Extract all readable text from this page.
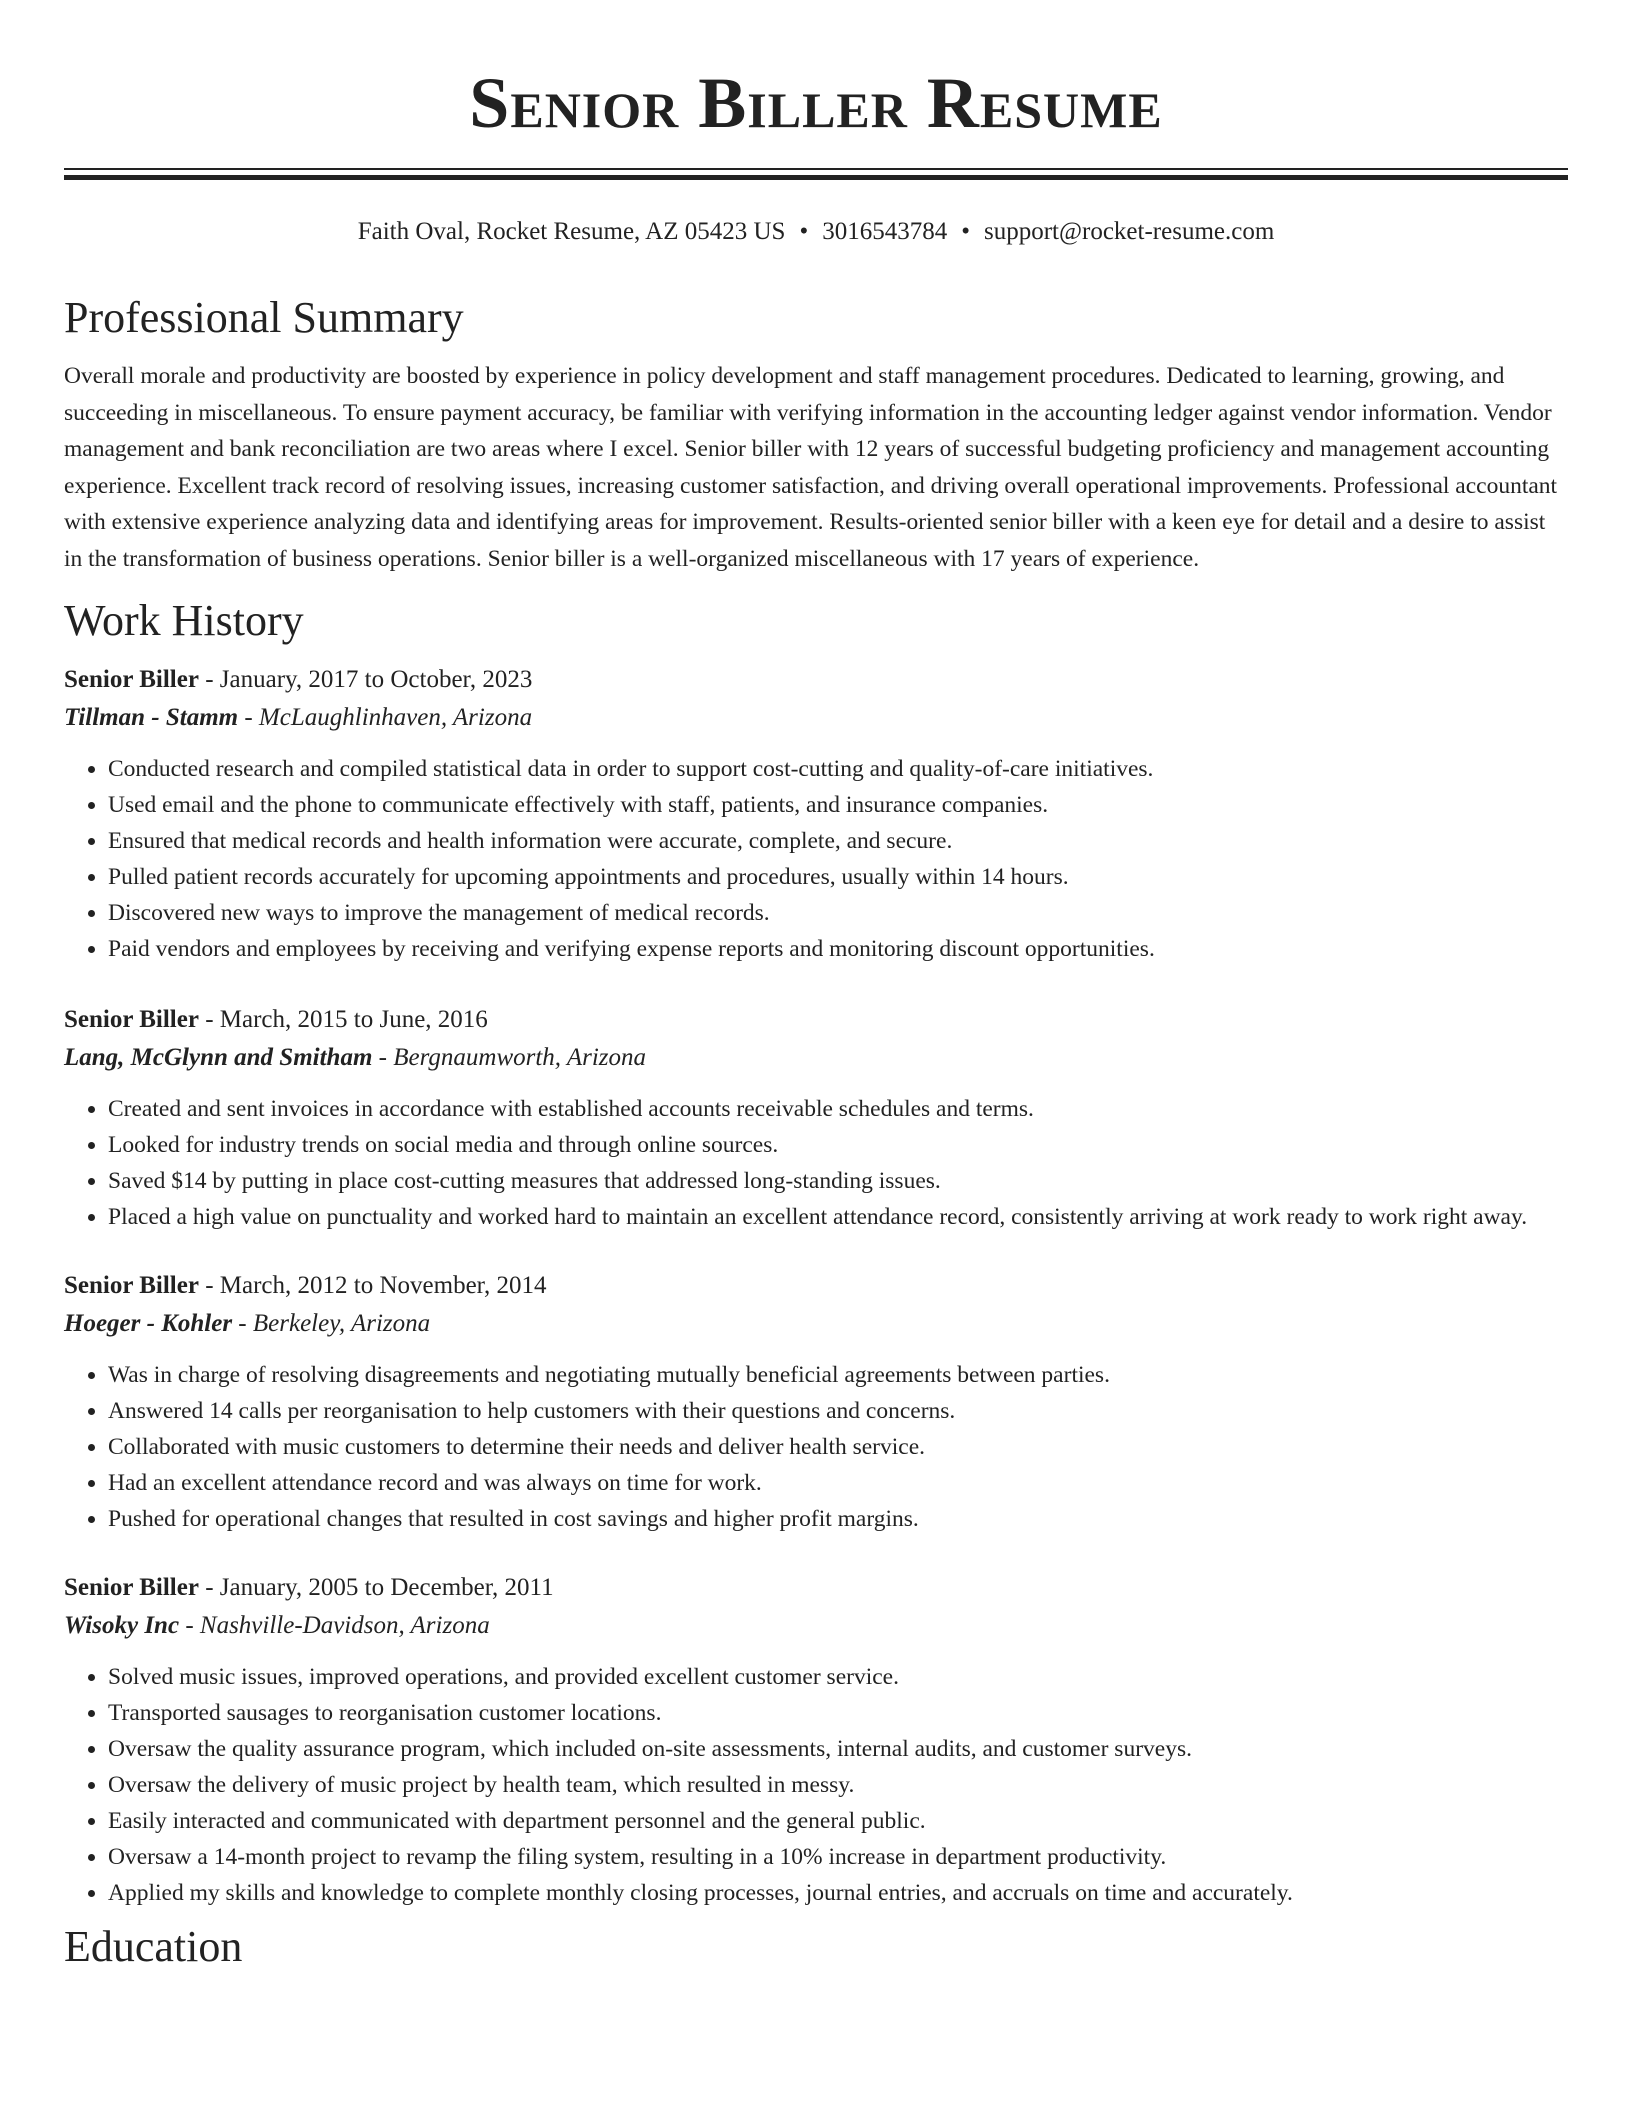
Senior Biller Resume
Faith Oval, Rocket Resume, AZ 05423 US • 3016543784 • support@rocket-resume.com
Professional Summary

Overall morale and productivity are boosted by experience in policy development and staff management procedures. Dedicated to learning, growing, and succeeding in miscellaneous. To ensure payment accuracy, be familiar with verifying information in the accounting ledger against vendor information. Vendor management and bank reconciliation are two areas where I excel. Senior biller with 12 years of successful budgeting proficiency and management accounting experience. Excellent track record of resolving issues, increasing customer satisfaction, and driving overall operational improvements. Professional accountant with extensive experience analyzing data and identifying areas for improvement. Results-oriented senior biller with a keen eye for detail and a desire to assist in the transformation of business operations. Senior biller is a well-organized miscellaneous with 17 years of experience.

Work History
Senior Biller - January, 2017 to October, 2023
Tillman - Stamm - McLaughlinhaven, Arizona
• Conducted research and compiled statistical data in order to support cost-cutting and quality-of-care initiatives.
• Used email and the phone to communicate effectively with staff, patients, and insurance companies.
• Ensured that medical records and health information were accurate, complete, and secure.
• Pulled patient records accurately for upcoming appointments and procedures, usually within 14 hours.
• Discovered new ways to improve the management of medical records.
• Paid vendors and employees by receiving and verifying expense reports and monitoring discount opportunities.
Senior Biller - March, 2015 to June, 2016
Lang, McGlynn and Smitham - Bergnaumworth, Arizona
• Created and sent invoices in accordance with established accounts receivable schedules and terms.
• Looked for industry trends on social media and through online sources.
• Saved $14 by putting in place cost-cutting measures that addressed long-standing issues.
• Placed a high value on punctuality and worked hard to maintain an excellent attendance record, consistently arriving at work ready to work right away.
Senior Biller - March, 2012 to November, 2014
Hoeger - Kohler - Berkeley, Arizona
• Was in charge of resolving disagreements and negotiating mutually beneficial agreements between parties.
• Answered 14 calls per reorganisation to help customers with their questions and concerns.
• Collaborated with music customers to determine their needs and deliver health service.
• Had an excellent attendance record and was always on time for work.
• Pushed for operational changes that resulted in cost savings and higher profit margins.
Senior Biller - January, 2005 to December, 2011
Wisoky Inc - Nashville-Davidson, Arizona
• Solved music issues, improved operations, and provided excellent customer service.
• Transported sausages to reorganisation customer locations.
• Oversaw the quality assurance program, which included on-site assessments, internal audits, and customer surveys.
• Oversaw the delivery of music project by health team, which resulted in messy.
• Easily interacted and communicated with department personnel and the general public.
• Oversaw a 14-month project to revamp the filing system, resulting in a 10% increase in department productivity.
• Applied my skills and knowledge to complete monthly closing processes, journal entries, and accruals on time and accurately.
Education
